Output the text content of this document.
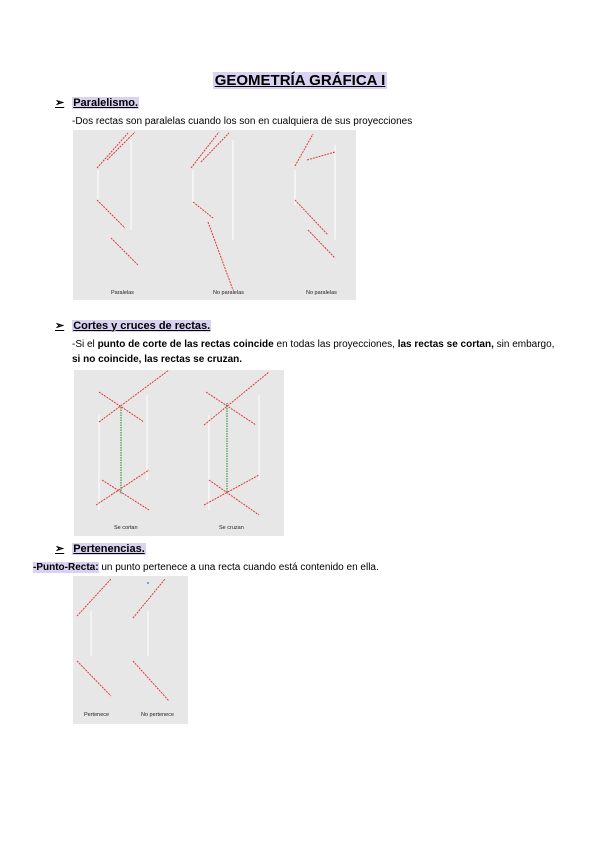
GEOMETRÍA GRÁFICA I
➢ Paralelismo.
-Dos rectas son paralelas cuando los son en cualquiera de sus proyecciones
Paralelas	No paralelas	No paralelas
➢ Cortes y cruces de rectas.
-Si el punto de corte de las rectas coincide en todas las proyecciones, las rectas se cortan, sin embargo, si no coincide, las rectas se cruzan.
Se cortan	Se cruzan
➢ Pertenencias.
-Punto-Recta: un punto pertenece a una recta cuando está contenido en ella.
Pertenece	No pertenece
